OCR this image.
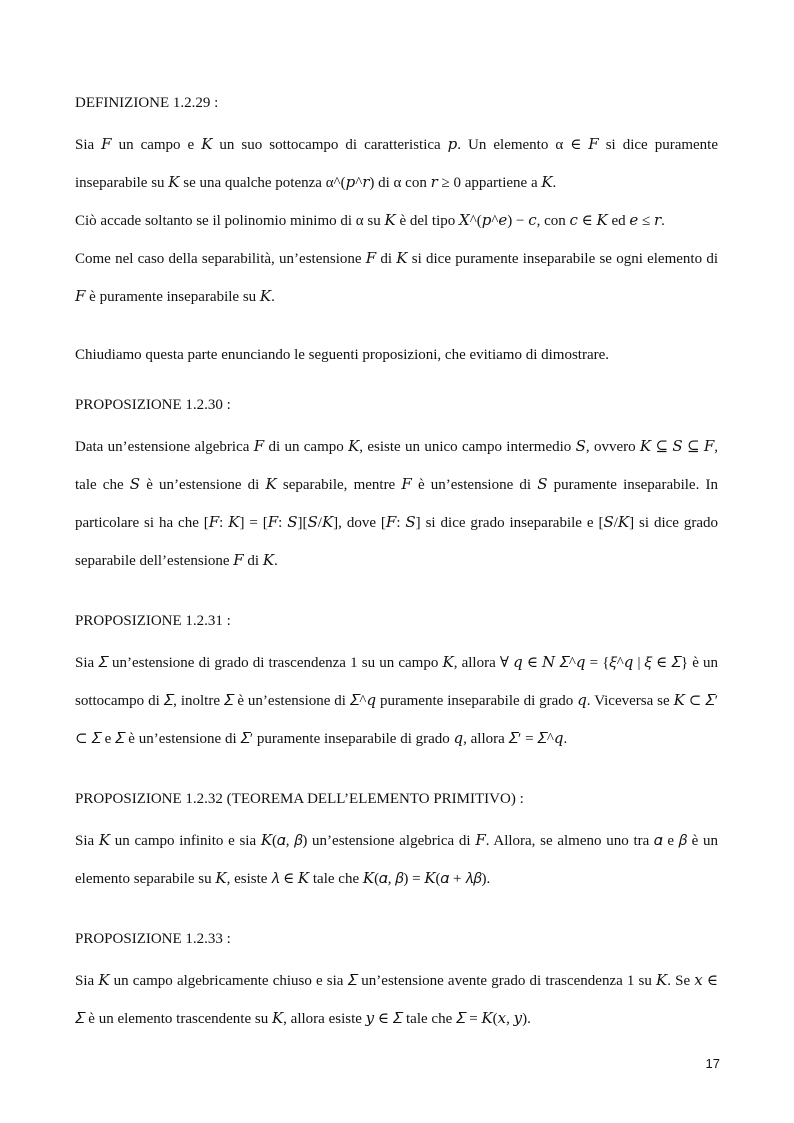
DEFINIZIONE 1.2.29 :

Sia 𝐹 un campo e 𝐾 un suo sottocampo di caratteristica 𝑝. Un elemento α ∈ 𝐹 si dice puramente inseparabile su 𝐾 se una qualche potenza α^(𝑝^𝑟) di α con 𝑟 ≥ 0 appartiene a 𝐾.

Ciò accade soltanto se il polinomio minimo di α su 𝐾 è del tipo 𝑋^(𝑝^𝑒) − 𝑐, con 𝑐 ∈ 𝐾 ed 𝑒 ≤ 𝑟.

Come nel caso della separabilità, un’estensione 𝐹 di 𝐾 si dice puramente inseparabile se ogni elemento di 𝐹 è puramente inseparabile su 𝐾.

Chiudiamo questa parte enunciando le seguenti proposizioni, che evitiamo di dimostrare.

PROPOSIZIONE 1.2.30 :

Data un’estensione algebrica 𝐹 di un campo 𝐾, esiste un unico campo intermedio 𝑆, ovvero 𝐾 ⊆ 𝑆 ⊆ 𝐹, tale che 𝑆 è un’estensione di 𝐾 separabile, mentre 𝐹 è un’estensione di 𝑆 puramente inseparabile. In particolare si ha che [𝐹: 𝐾] = [𝐹: 𝑆][𝑆/𝐾], dove [𝐹: 𝑆] si dice grado inseparabile e [𝑆/𝐾] si dice grado separabile dell’estensione 𝐹 di 𝐾.

PROPOSIZIONE 1.2.31 :

Sia 𝛴 un’estensione di grado di trascendenza 1 su un campo 𝐾, allora ∀ 𝑞 ∈ 𝑁 𝛴^𝑞 = {𝜉^𝑞 | 𝜉 ∈ 𝛴} è un sottocampo di 𝛴, inoltre 𝛴 è un’estensione di 𝛴^𝑞 puramente inseparabile di grado 𝑞. Viceversa se 𝐾 ⊂ 𝛴′ ⊂ 𝛴 e 𝛴 è un’estensione di 𝛴′ puramente inseparabile di grado 𝑞, allora 𝛴′ = 𝛴^𝑞.

PROPOSIZIONE 1.2.32 (TEOREMA DELL’ELEMENTO PRIMITIVO) :

Sia 𝐾 un campo infinito e sia 𝐾(𝛼, 𝛽) un’estensione algebrica di 𝐹. Allora, se almeno uno tra 𝛼 e 𝛽 è un elemento separabile su 𝐾, esiste 𝜆 ∈ 𝐾 tale che 𝐾(𝛼, 𝛽) = 𝐾(𝛼 + 𝜆𝛽).

PROPOSIZIONE 1.2.33 :

Sia 𝐾 un campo algebricamente chiuso e sia 𝛴 un’estensione avente grado di trascendenza 1 su 𝐾. Se 𝑥 ∈ 𝛴 è un elemento trascendente su 𝐾, allora esiste 𝑦 ∈ 𝛴 tale che 𝛴 = 𝐾(𝑥, 𝑦).

17
